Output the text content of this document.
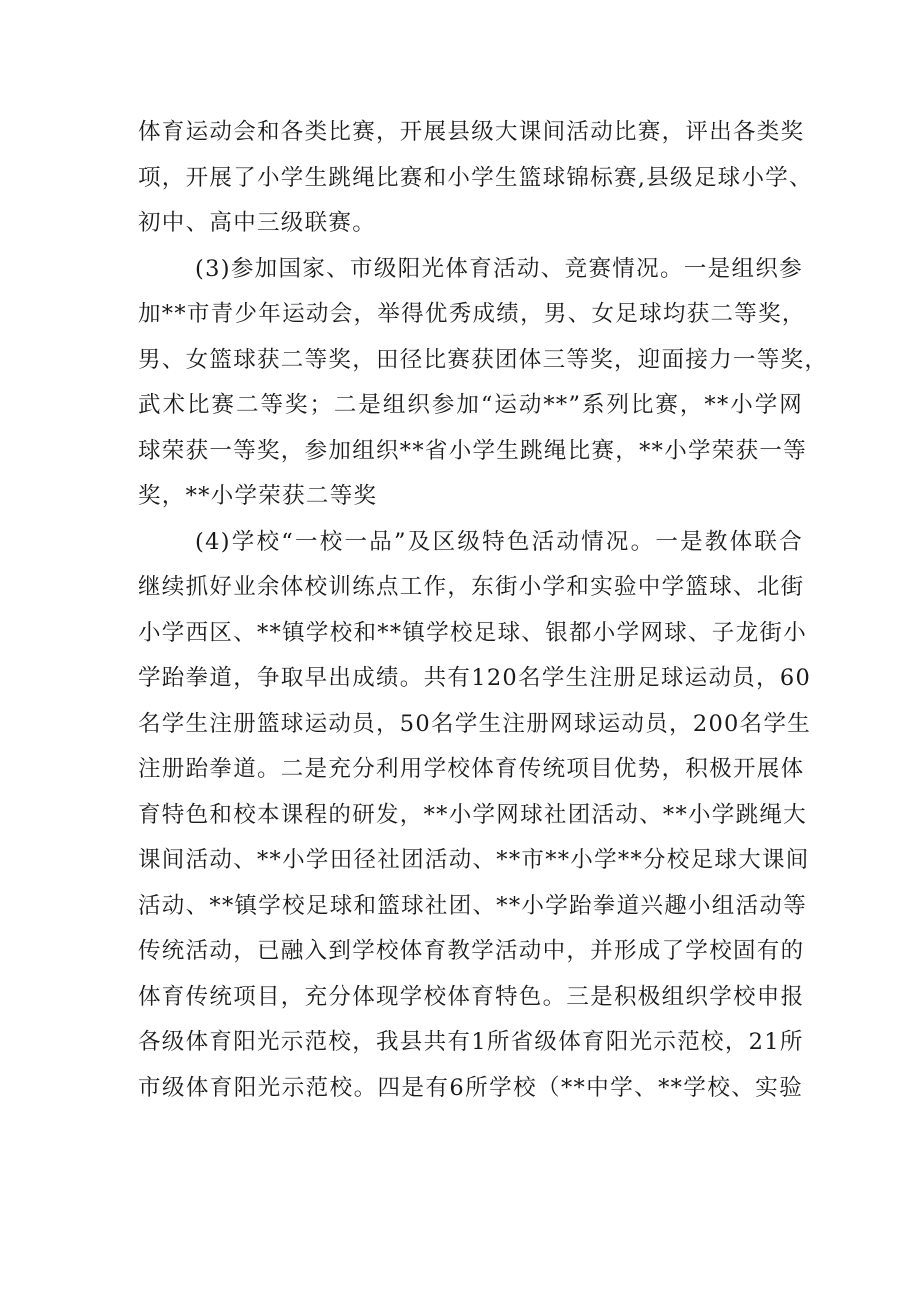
体育运动会和各类比赛，开展县级大课间活动比赛，评出各类奖
项，开展了小学生跳绳比赛和小学生篮球锦标赛,县级足球小学、
初中、高中三级联赛。
(3)参加国家、市级阳光体育活动、竞赛情况。一是组织参
加**市青少年运动会，举得优秀成绩，男、女足球均获二等奖，
男、女篮球获二等奖，田径比赛获团体三等奖，迎面接力一等奖，
武术比赛二等奖；二是组织参加“运动**”系列比赛，**小学网
球荣获一等奖，参加组织**省小学生跳绳比赛，**小学荣获一等
奖，**小学荣获二等奖
(4)学校“一校一品”及区级特色活动情况。一是教体联合
继续抓好业余体校训练点工作，东街小学和实验中学篮球、北街
小学西区、**镇学校和**镇学校足球、银都小学网球、子龙街小
学跆拳道，争取早出成绩。共有120名学生注册足球运动员，60
名学生注册篮球运动员，50名学生注册网球运动员，200名学生
注册跆拳道。二是充分利用学校体育传统项目优势，积极开展体
育特色和校本课程的研发，**小学网球社团活动、**小学跳绳大
课间活动、**小学田径社团活动、**市**小学**分校足球大课间
活动、**镇学校足球和篮球社团、**小学跆拳道兴趣小组活动等
传统活动，已融入到学校体育教学活动中，并形成了学校固有的
体育传统项目，充分体现学校体育特色。三是积极组织学校申报
各级体育阳光示范校，我县共有1所省级体育阳光示范校，21所
市级体育阳光示范校。四是有6所学校（**中学、**学校、实验
